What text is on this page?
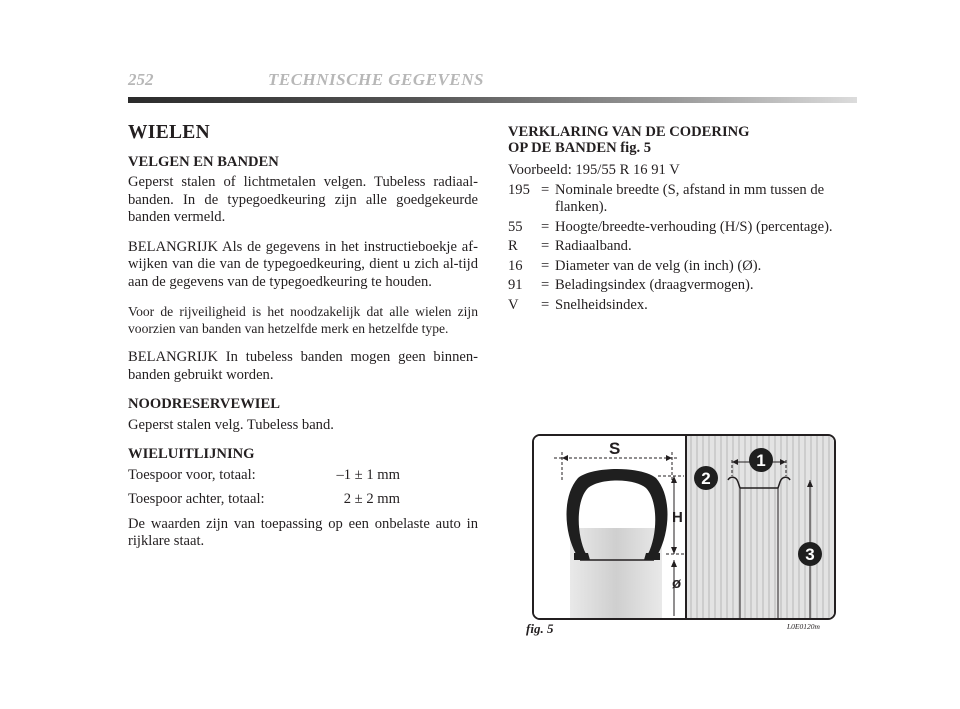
252	TECHNISCHE GEGEVENS
WIELEN
VELGEN EN BANDEN

Geperst stalen of lichtmetalen velgen. Tubeless radiaal-banden. In de typegoedkeuring zijn alle goedgekeurde banden vermeld.

BELANGRIJK Als de gegevens in het instructieboekje af-wijken van die van de typegoedkeuring, dient u zich al-tijd aan de gegevens van de typegoedkeuring te houden.

Voor de rijveiligheid is het noodzakelijk dat alle wielen zijn voorzien van banden van hetzelfde merk en hetzelfde type.

BELANGRIJK In tubeless banden mogen geen binnen-banden gebruikt worden.

NOODRESERVEWIEL

Geperst stalen velg. Tubeless band.

WIELUITLIJNING
Toespoor voor, totaal:	–1 ± 1 mm
Toespoor achter, totaal:	2 ± 2 mm

De waarden zijn van toepassing op een onbelaste auto in rijklare staat.

VERKLARING VAN DE CODERING
OP DE BANDEN fig. 5
Voorbeeld: 195/55 R 16 91 V
195 = Nominale breedte (S, afstand in mm tussen de flanken).
55	= Hoogte/breedte-verhouding (H/S) (percentage).
R	= Radiaalband.
16	= Diameter van de velg (in inch) (Ø).
91	= Beladingsindex (draagvermogen).
V	= Snelheidsindex.
S
H
ø
1
2
3
fig. 5	L0E0120m
